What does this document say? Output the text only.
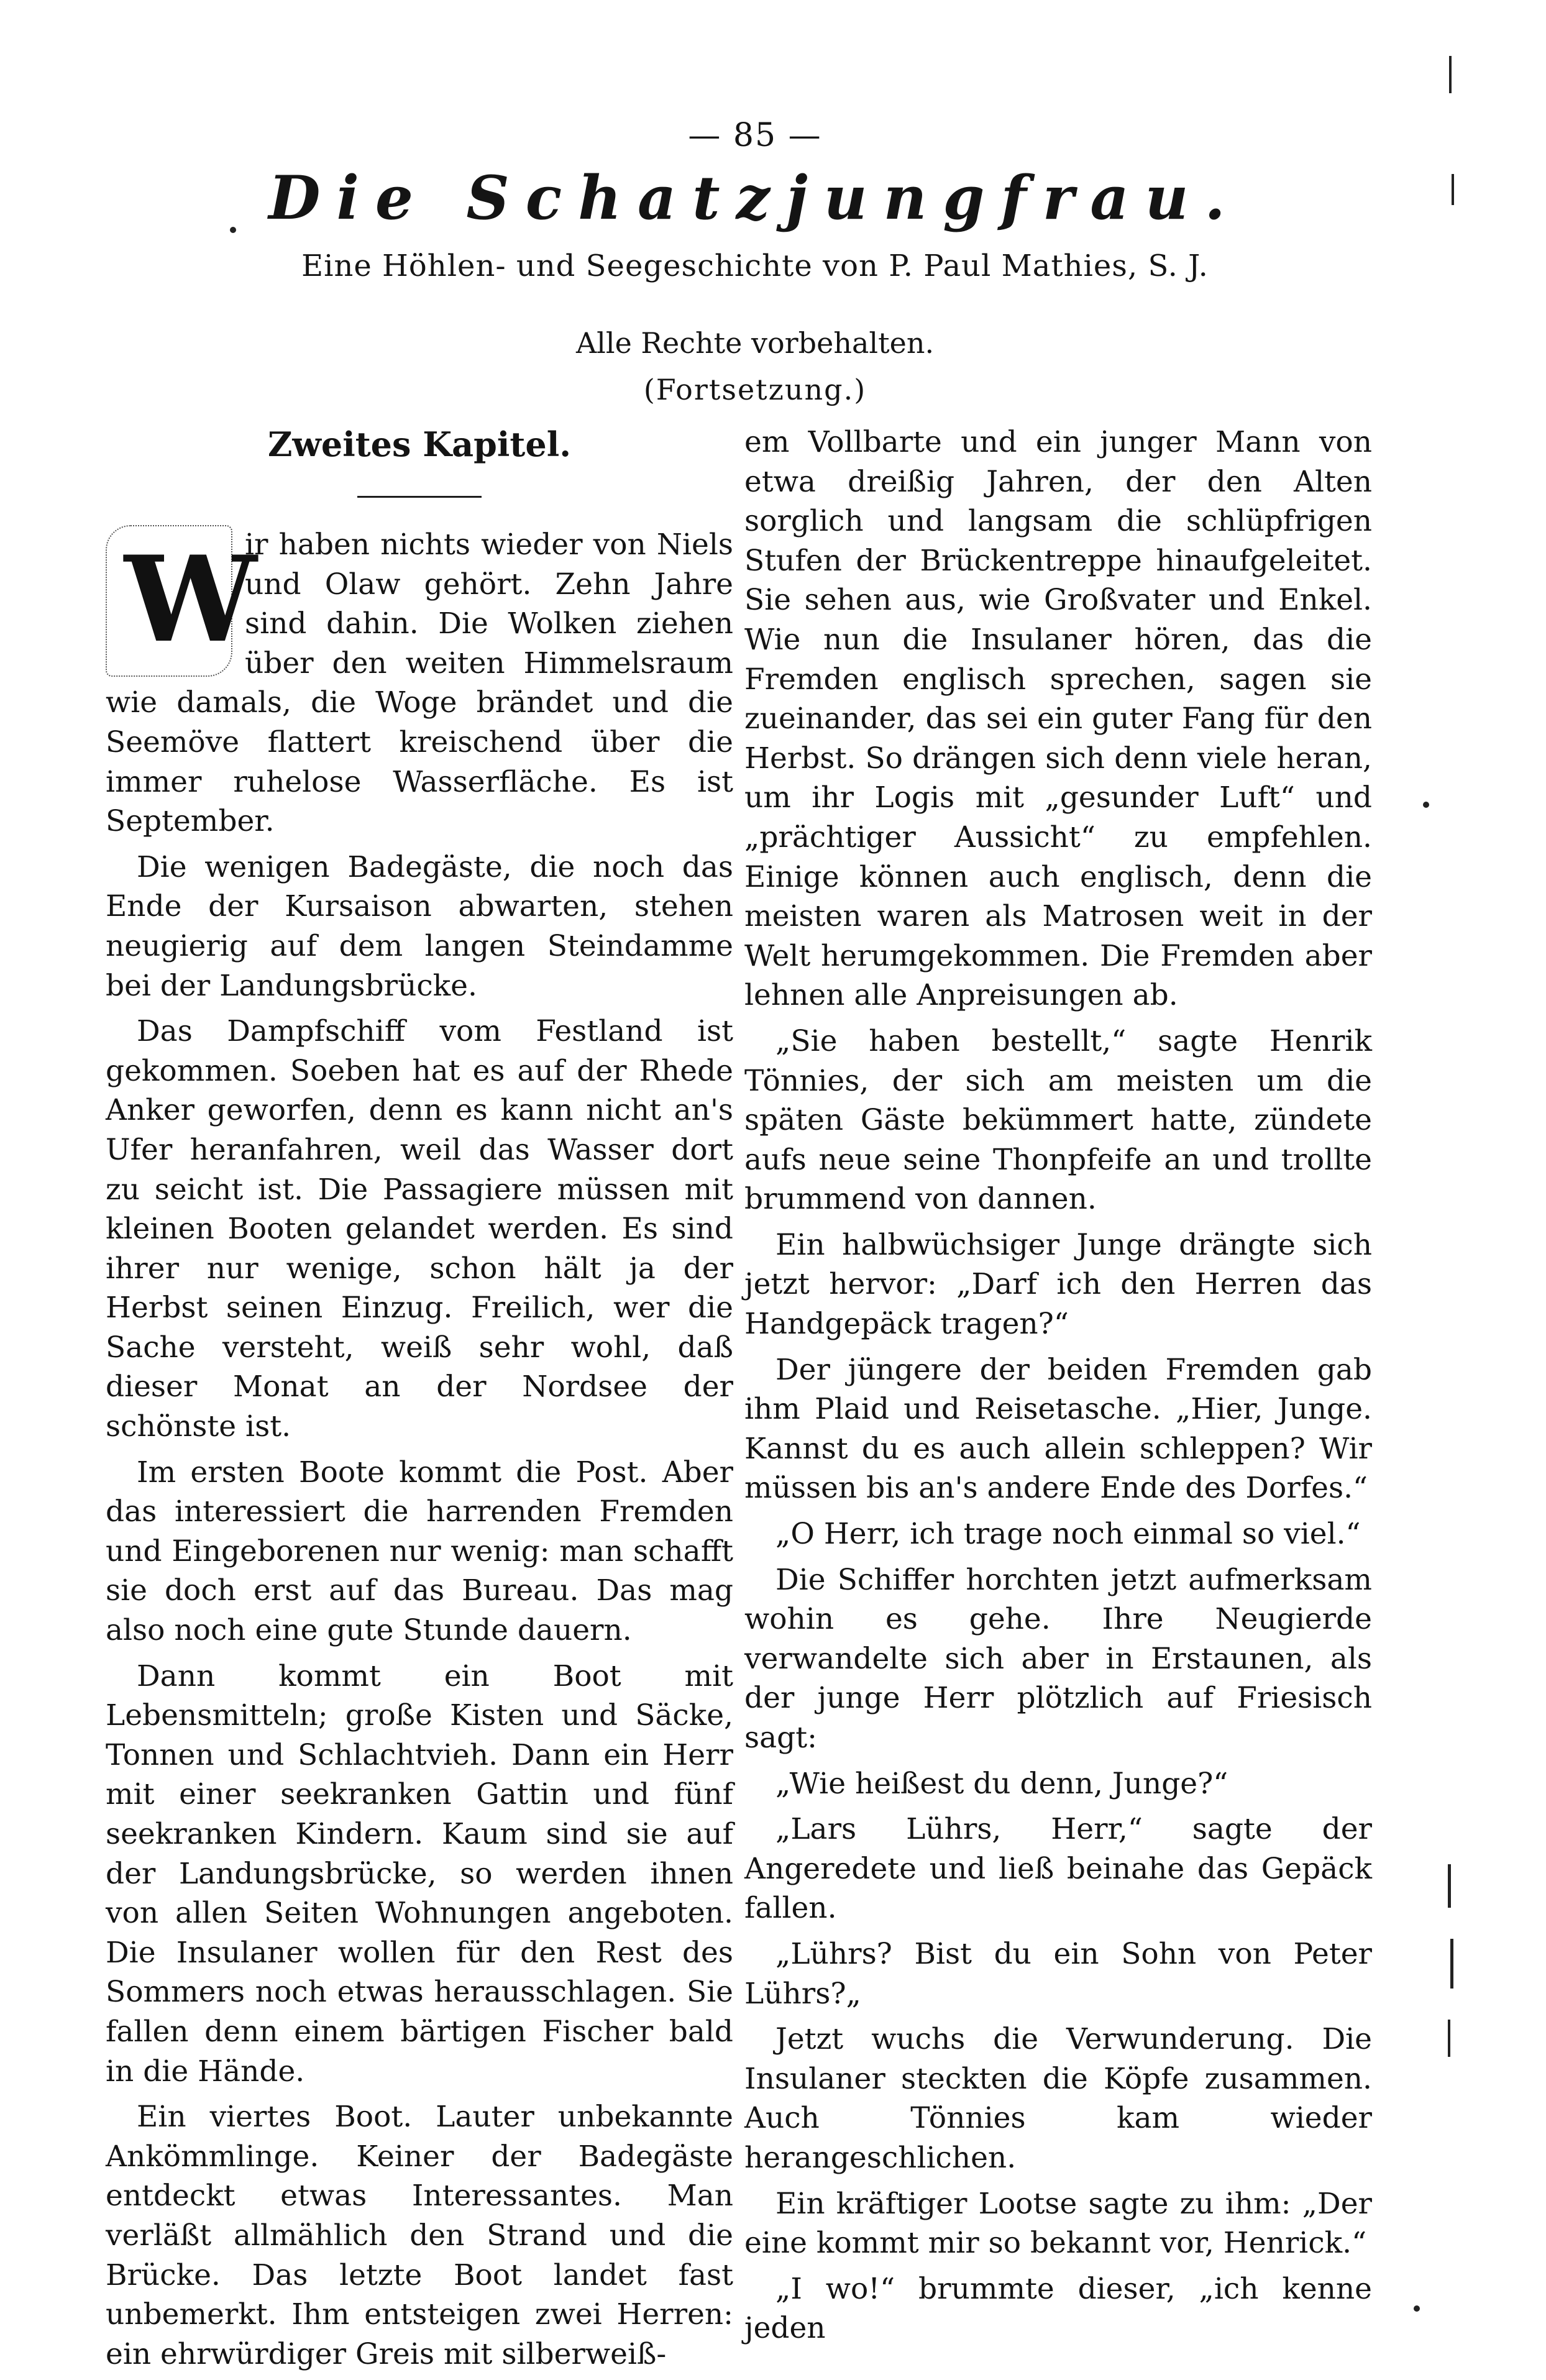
— 85 —
Die Schatzjungfrau.
Eine Höhlen- und Seegeschichte von P. Paul Mathies, S. J.
Alle Rechte vorbehalten.
(Fortsetzung.)
Zweites Kapitel.

W
ir haben nichts wieder von Niels und Olaw gehört. Zehn Jahre sind dahin. Die Wolken ziehen über den weiten Himmelsraum wie damals, die Woge brändet und die Seemöve flattert kreischend über die immer ruhelose Wasserfläche. Es ist September.

Die wenigen Badegäste, die noch das Ende der Kursaison abwarten, stehen neugierig auf dem langen Steindamme bei der Landungsbrücke.

Das Dampfschiff vom Festland ist gekommen. Soeben hat es auf der Rhede Anker geworfen, denn es kann nicht an's Ufer heranfahren, weil das Wasser dort zu seicht ist. Die Passagiere müssen mit kleinen Booten gelandet werden. Es sind ihrer nur wenige, schon hält ja der Herbst seinen Einzug. Freilich, wer die Sache versteht, weiß sehr wohl, daß dieser Monat an der Nordsee der schönste ist.

Im ersten Boote kommt die Post. Aber das interessiert die harrenden Fremden und Eingeborenen nur wenig: man schafft sie doch erst auf das Bureau. Das mag also noch eine gute Stunde dauern.

Dann kommt ein Boot mit Lebensmitteln; große Kisten und Säcke, Tonnen und Schlachtvieh. Dann ein Herr mit einer seekranken Gattin und fünf seekranken Kindern. Kaum sind sie auf der Landungsbrücke, so werden ihnen von allen Seiten Wohnungen angeboten. Die Insulaner wollen für den Rest des Sommers noch etwas herausschlagen. Sie fallen denn einem bärtigen Fischer bald in die Hände.

Ein viertes Boot. Lauter unbekannte Ankömmlinge. Keiner der Badegäste entdeckt etwas Interessantes. Man verläßt allmählich den Strand und die Brücke. Das letzte Boot landet fast unbemerkt. Ihm entsteigen zwei Herren: ein ehrwürdiger Greis mit silberweiß-

em Vollbarte und ein junger Mann von etwa dreißig Jahren, der den Alten sorglich und langsam die schlüpfrigen Stufen der Brückentreppe hinaufgeleitet. Sie sehen aus, wie Großvater und Enkel. Wie nun die Insulaner hören, das die Fremden englisch sprechen, sagen sie zueinander, das sei ein guter Fang für den Herbst. So drängen sich denn viele heran, um ihr Logis mit „gesunder Luft“ und „prächtiger Aussicht“ zu empfehlen. Einige können auch englisch, denn die meisten waren als Matrosen weit in der Welt herumgekommen. Die Fremden aber lehnen alle Anpreisungen ab.

„Sie haben bestellt,“ sagte Henrik Tönnies, der sich am meisten um die späten Gäste bekümmert hatte, zündete aufs neue seine Thonpfeife an und trollte brummend von dannen.

Ein halbwüchsiger Junge drängte sich jetzt hervor: „Darf ich den Herren das Handgepäck tragen?“

Der jüngere der beiden Fremden gab ihm Plaid und Reisetasche. „Hier, Junge. Kannst du es auch allein schleppen? Wir müssen bis an's andere Ende des Dorfes.“

„O Herr, ich trage noch einmal so viel.“

Die Schiffer horchten jetzt aufmerksam wohin es gehe. Ihre Neugierde verwandelte sich aber in Erstaunen, als der junge Herr plötzlich auf Friesisch sagt:

„Wie heißest du denn, Junge?“

„Lars Lührs, Herr,“ sagte der Angeredete und ließ beinahe das Gepäck fallen.

„Lührs? Bist du ein Sohn von Peter Lührs?„

Jetzt wuchs die Verwunderung. Die Insulaner steckten die Köpfe zusammen. Auch Tönnies kam wieder herangeschlichen.

Ein kräftiger Lootse sagte zu ihm: „Der eine kommt mir so bekannt vor, Henrick.“

„I wo!“ brummte dieser, „ich kenne jeden
